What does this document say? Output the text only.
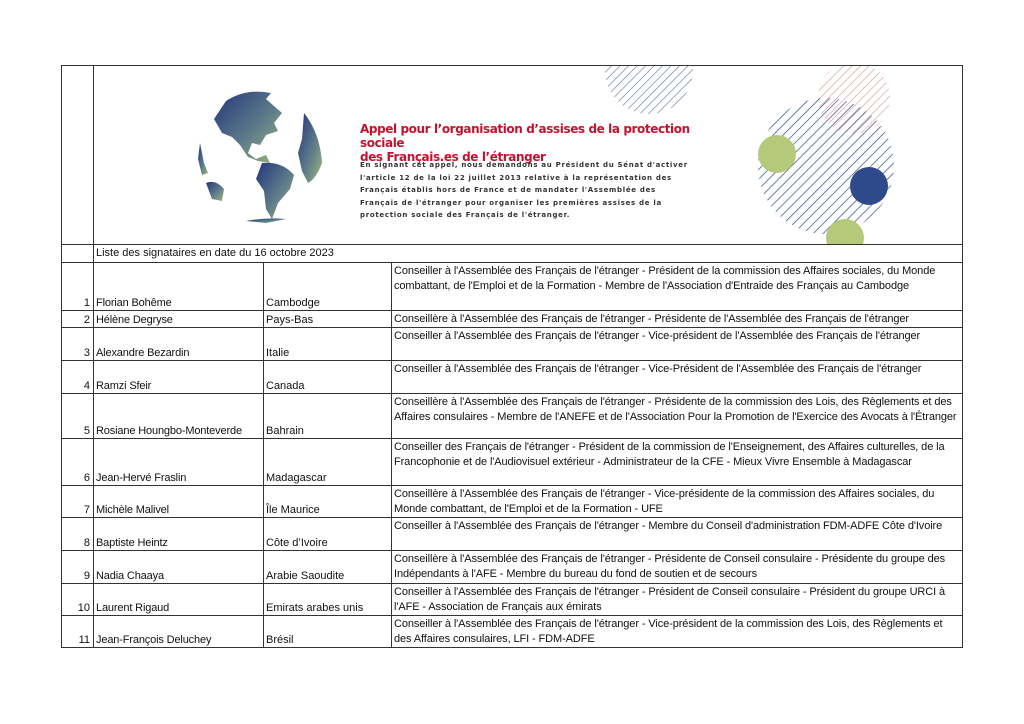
	Appel pour l’organisation d’assises de la protection sociale
des Français.es de l’étranger
En signant cet appel, nous demandons au Président du Sénat d'activer l'article 12 de la loi 22 juillet 2013 relative à la représentation des Français établis hors de France et de mandater l'Assemblée des Français de l'étranger pour organiser les premières assises de la protection sociale des Français de l'étranger.		

	Liste des signataires en date du 16 octobre 2023		
1	Florian Bohême	Cambodge	Conseiller à l'Assemblée des Français de l'étranger - Président de la commission des Affaires sociales, du Monde combattant, de l'Emploi et de la Formation - Membre de l'Association d'Entraide des Français au Cambodge
2	Hélène Degryse	Pays-Bas	Conseillère à l'Assemblée des Français de l'étranger - Présidente de l'Assemblée des Français de l'étranger
3	Alexandre Bezardin	Italie	Conseiller à l'Assemblée des Français de l'étranger - Vice-président de l'Assemblée des Français de l'étranger
4	Ramzi Sfeir	Canada	Conseiller à l'Assemblée des Français de l'étranger - Vice-Président de l'Assemblée des Français de l'étranger
5	Rosiane Houngbo-Monteverde	Bahrain	Conseillère à l'Assemblée des Français de l'étranger - Présidente de la commission des Lois, des Règlements et des Affaires consulaires - Membre de l'ANEFE et de l'Association Pour la Promotion de l'Exercice des Avocats à l'Étranger
6	Jean-Hervé Fraslin	Madagascar	Conseiller des Français de l'étranger - Président de la commission de l'Enseignement, des Affaires culturelles, de la Francophonie et de l'Audiovisuel extérieur - Administrateur de la CFE - Mieux Vivre Ensemble à Madagascar
7	Michèle Malivel	Île Maurice	Conseillère à l'Assemblée des Français de l'étranger - Vice-présidente de la commission des Affaires sociales, du Monde combattant, de l'Emploi et de la Formation - UFE
8	Baptiste Heintz	Côte d’Ivoire	Conseiller à l'Assemblée des Français de l'étranger - Membre du Conseil d'administration FDM-ADFE Côte d'Ivoire
9	Nadia Chaaya	Arabie Saoudite	Conseillère à l'Assemblée des Français de l'étranger - Présidente de Conseil consulaire - Présidente du groupe des Indépendants à l'AFE - Membre du bureau du fond de soutien et de secours
10	Laurent Rigaud	Emirats arabes unis	Conseiller à l'Assemblée des Français de l'étranger - Président de Conseil consulaire - Président du groupe URCI à l'AFE - Association de Français aux émirats
11	Jean-François Deluchey	Brésil	Conseiller à l'Assemblée des Français de l'étranger - Vice-président de la commission des Lois, des Règlements et des Affaires consulaires, LFI - FDM-ADFE
